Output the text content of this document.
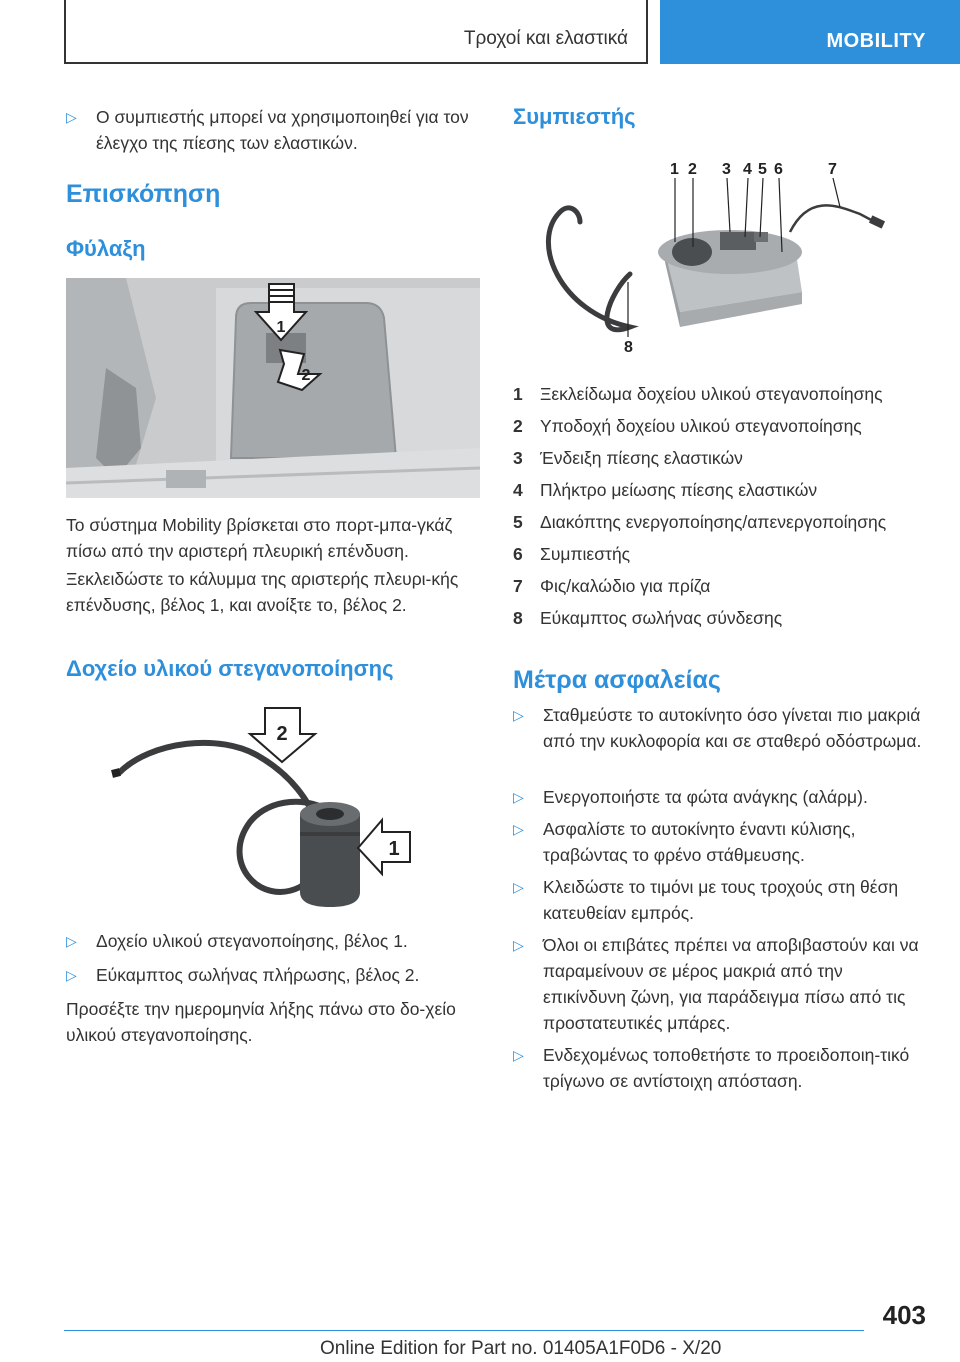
Τροχοί και ελαστικά	MOBILITY
▷	Ο συμπιεστής μπορεί να χρησιμοποιηθεί για τον έλεγχο της πίεσης των ελαστικών.
Επισκόπηση
Φύλαξη
1
2
Το σύστημα Mobility βρίσκεται στο πορτ-μπα-γκάζ πίσω από την αριστερή πλευρική επένδυση.
Ξεκλειδώστε το κάλυμμα της αριστερής πλευρι-κής επένδυσης, βέλος 1, και ανοίξτε το, βέλος 2.
Δοχείο υλικού στεγανοποίησης
2
1
▷	Δοχείο υλικού στεγανοποίησης, βέλος 1.
▷	Εύκαμπτος σωλήνας πλήρωσης, βέλος 2.
Προσέξτε την ημερομηνία λήξης πάνω στο δο-χείο υλικού στεγανοποίησης.
Συμπιεστής
1 2 3 4 5 6	7
8
1 Ξεκλείδωμα δοχείου υλικού στεγανοποίησης
2 Υποδοχή δοχείου υλικού στεγανοποίησης
3 Ένδειξη πίεσης ελαστικών
4 Πλήκτρο μείωσης πίεσης ελαστικών
5 Διακόπτης ενεργοποίησης/απενεργοποίησης
6 Συμπιεστής
7 Φις/καλώδιο για πρίζα
8 Εύκαμπτος σωλήνας σύνδεσης
Μέτρα ασφαλείας
▷	Σταθμεύστε το αυτοκίνητο όσο γίνεται πιο μακριά από την κυκλοφορία και σε σταθερό οδόστρωμα.
▷	Ενεργοποιήστε τα φώτα ανάγκης (αλάρμ).
▷	Ασφαλίστε το αυτοκίνητο έναντι κύλισης, τραβώντας το φρένο στάθμευσης.
▷	Κλειδώστε το τιμόνι με τους τροχούς στη θέση κατευθείαν εμπρός.
▷	Όλοι οι επιβάτες πρέπει να αποβιβαστούν και να παραμείνουν σε μέρος μακριά από την επικίνδυνη ζώνη, για παράδειγμα πίσω από τις προστατευτικές μπάρες.
▷	Ενδεχομένως τοποθετήστε το προειδοποιη-τικό τρίγωνο σε αντίστοιχη απόσταση.
403
Online Edition for Part no. 01405A1F0D6 - X/20
